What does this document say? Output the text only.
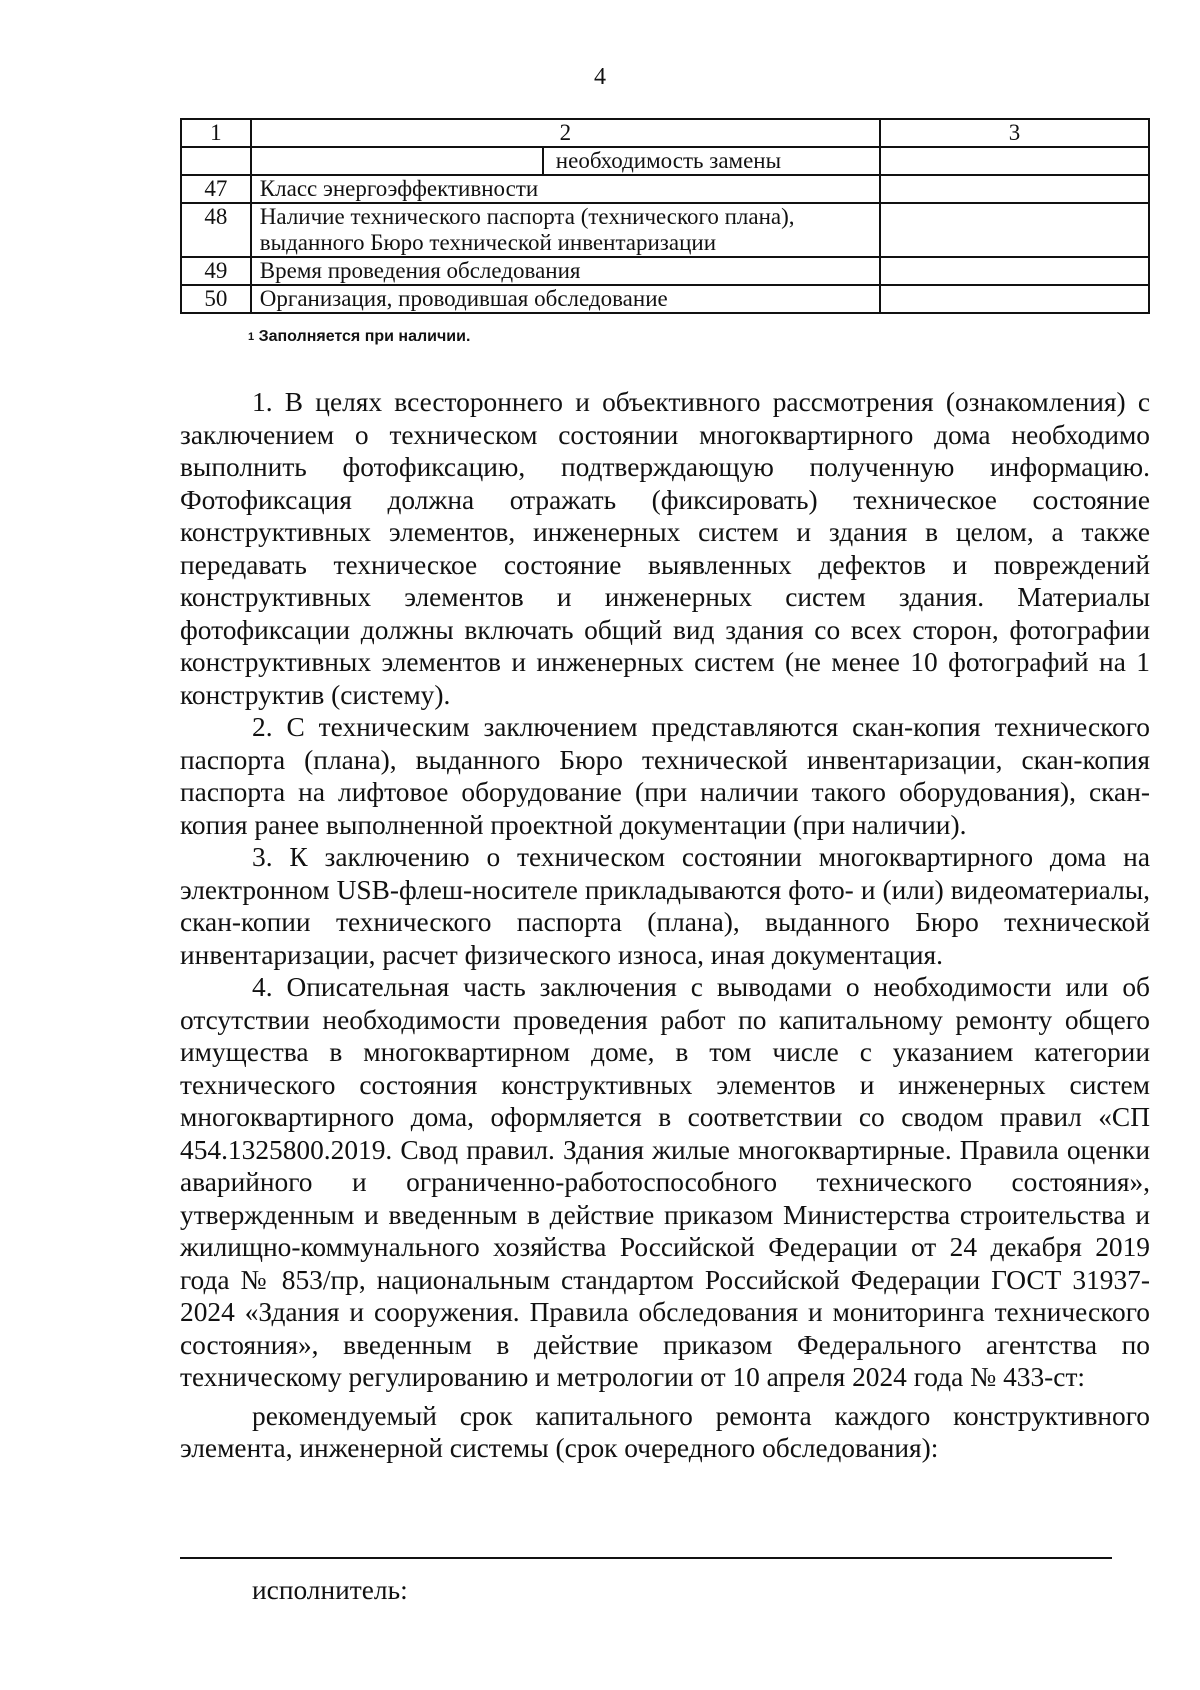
4
1	2	3

	необходимость замены	

47	Класс энергоэффективности	
48	Наличие технического паспорта (технического плана),
выданного Бюро технической инвентаризации	

49	Время проведения обследования	
50	Организация, проводившая обследование	
$^1$ Заполняется при наличии.

1. В целях всестороннего и объективного рассмотрения (ознакомления) с заключением о техническом состоянии многоквартирного дома необходимо выполнить фотофиксацию, подтверждающую полученную информацию. Фотофиксация должна отражать (фиксировать) техническое состояние конструктивных элементов, инженерных систем и здания в целом, а также передавать техническое состояние выявленных дефектов и повреждений конструктивных элементов и инженерных систем здания. Материалы фотофиксации должны включать общий вид здания со всех сторон, фотографии конструктивных элементов и инженерных систем (не менее 10 фотографий на 1 конструктив (систему).

2. С техническим заключением представляются скан-копия технического паспорта (плана), выданного Бюро технической инвентаризации, скан-копия паспорта на лифтовое оборудование (при наличии такого оборудования), скан-копия ранее выполненной проектной документации (при наличии).

3. К заключению о техническом состоянии многоквартирного дома на электронном USB-флеш-носителе прикладываются фото- и (или) видеоматериалы, скан-копии технического паспорта (плана), выданного Бюро технической инвентаризации, расчет физического износа, иная документация.

4. Описательная часть заключения с выводами о необходимости или об отсутствии необходимости проведения работ по капитальному ремонту общего имущества в многоквартирном доме, в том числе с указанием категории технического состояния конструктивных элементов и инженерных систем многоквартирного дома, оформляется в соответствии со сводом правил «СП 454.1325800.2019. Свод правил. Здания жилые многоквартирные. Правила оценки аварийного и ограниченно-работоспособного технического состояния», утвержденным и введенным в действие приказом Министерства строительства и жилищно-коммунального хозяйства Российской Федерации от 24 декабря 2019 года № 853/пр, национальным стандартом Российской Федерации ГОСТ 31937-2024 «Здания и сооружения. Правила обследования и мониторинга технического состояния», введенным в действие приказом Федерального агентства по техническому регулированию и метрологии от 10 апреля 2024 года № 433-ст:

рекомендуемый срок капитального ремонта каждого конструктивного элемента, инженерной системы (срок очередного обследования):

исполнитель:
